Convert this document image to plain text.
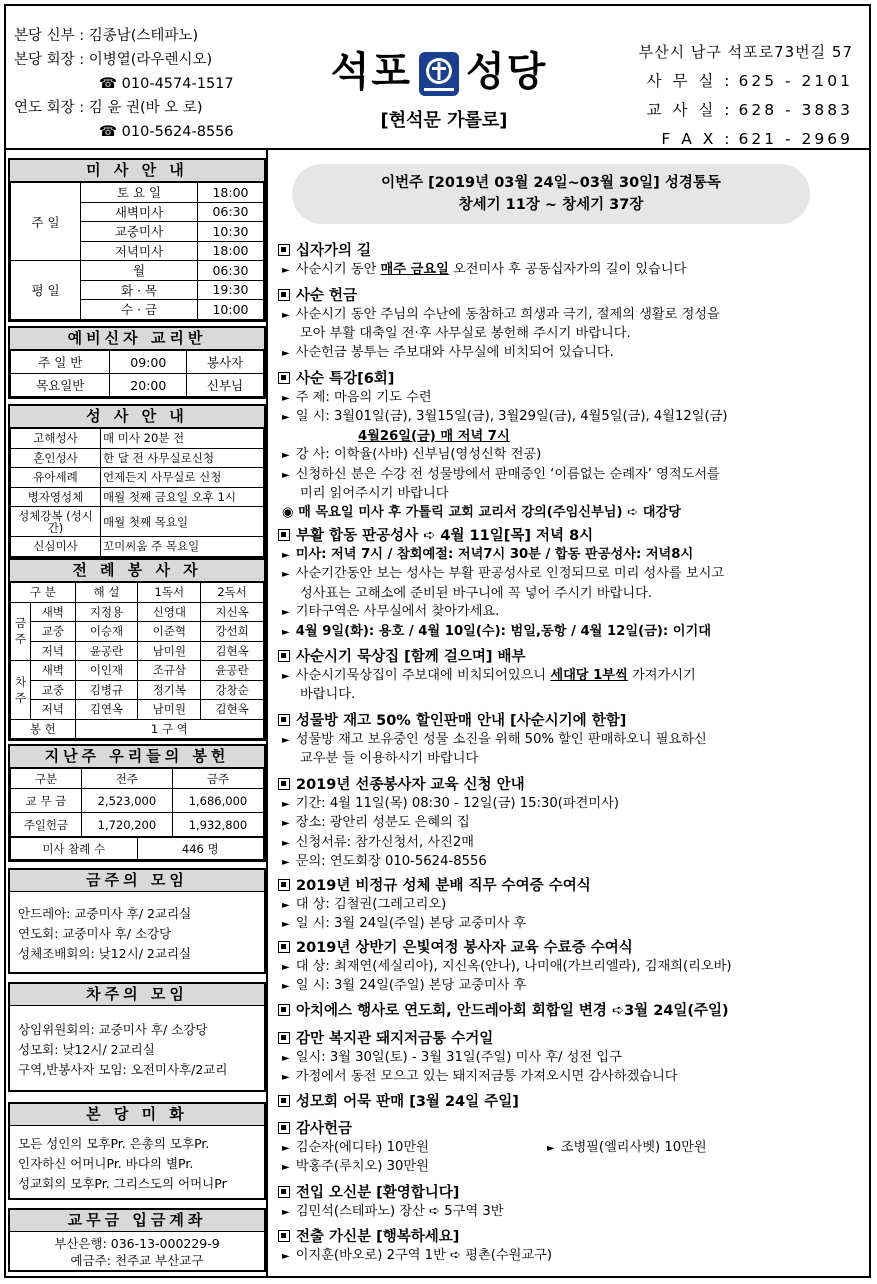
본당 신부 : 김종남(스테파노)
본당 회장 : 이병열(라우렌시오)
☎ 010-4574-1517
연도 회장 : 김 윤 권(바 오 로)
☎ 010-5624-8556
석포 성당
[현석문 가롤로]
부산시 남구 석포로73번길 57
사 무 실 : 625 - 2101
교 사 실 : 628 - 3883
F A X : 621 - 2969
미 사 안 내
주 일	토 요 일	18:00
	새벽미사	06:30
	교중미사	10:30
	저녁미사	18:00
평 일	월	06:30
	화 · 목	19:30
	수 · 금	10:00
예비신자 교리반
주 일 반	09:00	봉사자
목요일반	20:00	신부님
성 사 안 내
고해성사	매 미사 20분 전
혼인성사	한 달 전 사무실로신청
유아세례	언제든지 사무실로 신청
병자영성체	매월 첫째 금요일 오후 1시
성체강복 (성시간)	매월 첫째 목요일
신심미사	꼬미씨움 주 목요일
전 례 봉 사 자
구 분		해 설	1독서	2독서
금주	새벽	지정용	신영대	지신옥
	교중	이승재	이준혁	강선희
	저녁	윤공란	남미원	김현옥
차주	새벽	이인재	조규삼	윤공란
	교중	김병규	정기복	강창순
	저녁	김연옥	남미원	김현옥
봉 헌		1 구 역		
지난주 우리들의 봉헌
구분	전주	금주
교 무 금	2,523,000	1,686,000
주일헌금	1,720,200	1,932,800
미사 참례 수	446 명
금주의 모임
안드레아: 교중미사 후/ 2교리실
연도회: 교중미사 후/ 소강당
성체조배회의: 낮12시/ 2교리실
차주의 모임
상임위원회의: 교중미사 후/ 소강당
성모회: 낮12시/ 2교리실
구역,반봉사자 모임: 오전미사후/2교리
본 당 미 화
모든 성인의 모후Pr. 은총의 모후Pr.
인자하신 어머니Pr. 바다의 별Pr.
성교회의 모후Pr. 그리스도의 어머니Pr
교무금 입금계좌
부산은행: 036-13-000229-9
예금주: 천주교 부산교구
이번주 [2019년 03월 24일~03월 30일] 성경통독
창세기 11장 ~ 창세기 37장
십자가의 길
► 사순시기 동안 매주 금요일 오전미사 후 공동십자가의 길이 있습니다
사순 헌금
► 사순시기 동안 주님의 수난에 동참하고 희생과 극기, 절제의 생활로 정성을
모아 부활 대축일 전·후 사무실로 봉헌해 주시기 바랍니다.
► 사순헌금 봉투는 주보대와 사무실에 비치되어 있습니다.
사순 특강[6회]
► 주 제: 마음의 기도 수련
► 일 시: 3월01일(금), 3월15일(금), 3월29일(금), 4월5일(금), 4월12일(금)
4월26일(금) 매 저녁 7시
► 강 사: 이학율(사바) 신부님(영성신학 전공)
► 신청하신 분은 수강 전 성물방에서 판매중인 ‘이름없는 순례자’ 영적도서를
미리 읽어주시기 바랍니다
◉ 매 목요일 미사 후 가톨릭 교회 교리서 강의(주임신부님) ➪ 대강당
부활 합동 판공성사 ➪ 4월 11일[목] 저녁 8시
► 미사: 저녁 7시 / 참회예절: 저녁7시 30분 / 합동 판공성사: 저녁8시
► 사순기간동안 보는 성사는 부활 판공성사로 인정되므로 미리 성사를 보시고
성사표는 고해소에 준비된 바구니에 꼭 넣어 주시기 바랍니다.
► 기타구역은 사무실에서 찾아가세요.
► 4월 9일(화): 용호 / 4월 10일(수): 범일,동항 / 4월 12일(금): 이기대
사순시기 묵상집 [함께 걸으며] 배부
► 사순시기묵상집이 주보대에 비치되어있으니 세대당 1부씩 가져가시기
바랍니다.
성물방 재고 50% 할인판매 안내 [사순시기에 한함]
► 성물방 재고 보유중인 성물 소진을 위해 50% 할인 판매하오니 필요하신
교우분 들 이용하시기 바랍니다
2019년 선종봉사자 교육 신청 안내
► 기간: 4월 11일(목) 08:30 - 12일(금) 15:30(파견미사)
► 장소: 광안리 성분도 은혜의 집
► 신청서류: 참가신청서, 사진2매
► 문의: 연도회장 010-5624-8556
2019년 비정규 성체 분배 직무 수여증 수여식
► 대 상: 김철권(그레고리오)
► 일 시: 3월 24일(주일) 본당 교중미사 후
2019년 상반기 은빛여정 봉사자 교육 수료증 수여식
► 대 상: 최재연(세실리아), 지신옥(안나), 나미애(가브리엘라), 김재희(리오바)
► 일 시: 3월 24일(주일) 본당 교중미사 후
아치에스 행사로 연도회, 안드레아회 회합일 변경 ➪3월 24일(주일)
감만 복지관 돼지저금통 수거일
► 일시: 3월 30일(토) - 3월 31일(주일) 미사 후/ 성전 입구
► 가정에서 동전 모으고 있는 돼지저금통 가져오시면 감사하겠습니다
성모회 어묵 판매 [3월 24일 주일]
감사헌금
► 김순자(에디타) 10만원	► 조병필(엘리사벳) 10만원
► 박홍주(루치오) 30만원
전입 오신분 [환영합니다]
► 김민석(스테파노) 장산 ➪ 5구역 3반
전출 가신분 [행복하세요]
► 이지훈(바오로) 2구역 1반 ➪ 평촌(수원교구)
